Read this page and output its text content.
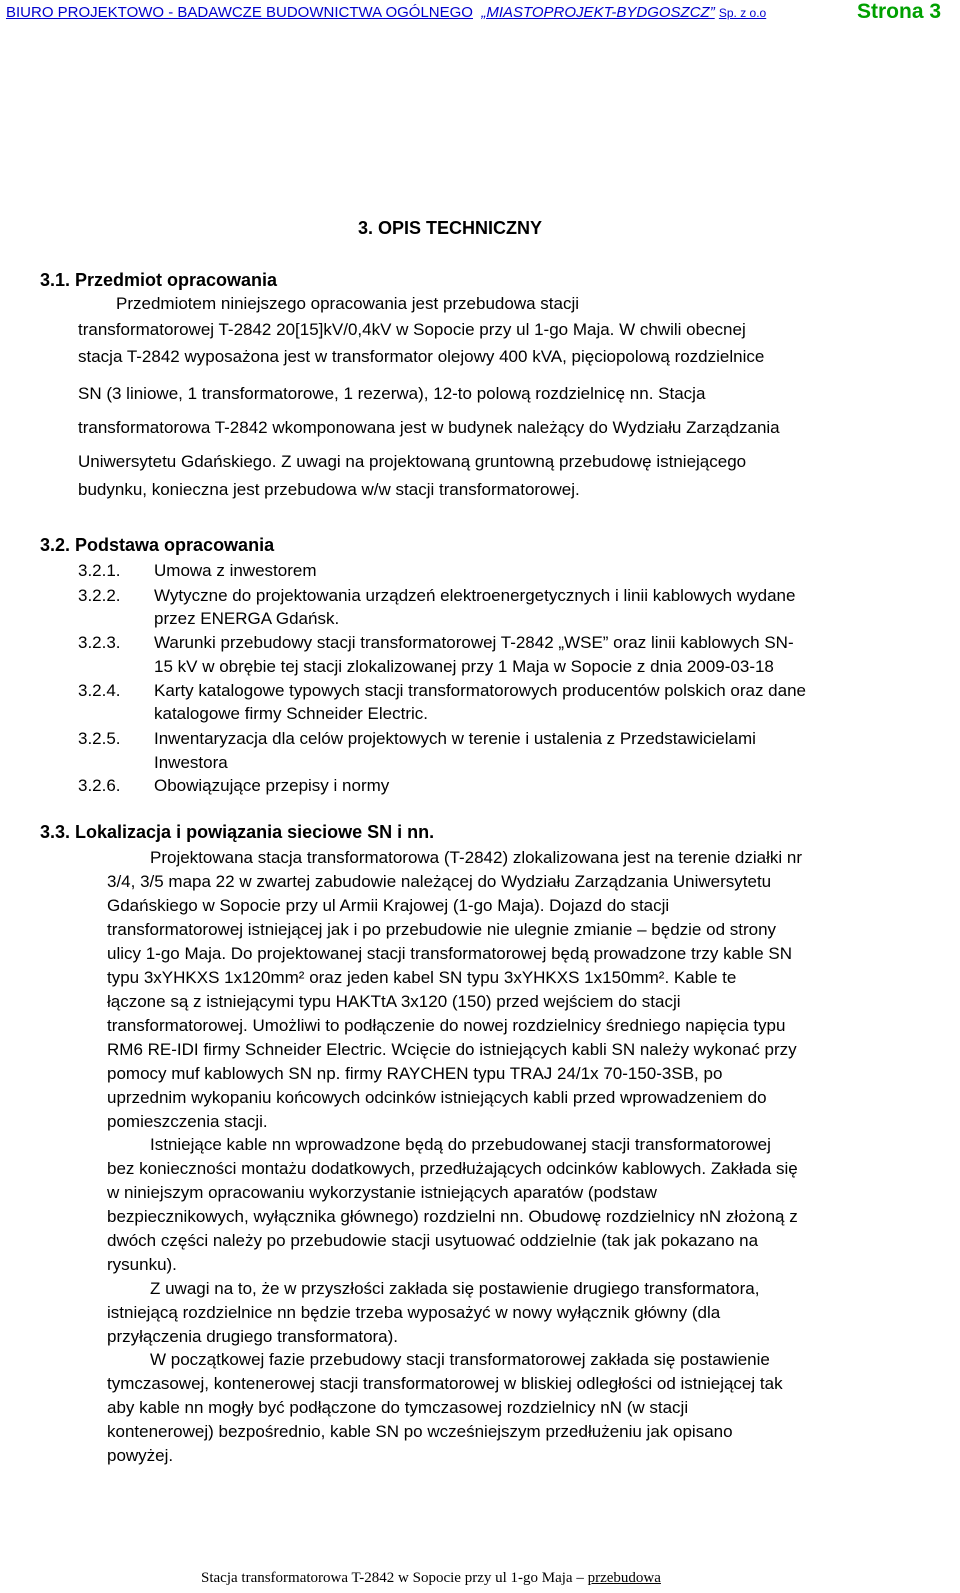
BIURO PROJEKTOWO - BADAWCZE BUDOWNICTWA OGÓLNEGO „MIASTOPROJEKT-BYDGOSZCZ” Sp. z o.o	Strona 3
3. OPIS TECHNICZNY
3.1. Przedmiot opracowania
Przedmiotem niniejszego opracowania jest przebudowa stacji
transformatorowej T-2842 20[15]kV/0,4kV w Sopocie przy ul 1-go Maja. W chwili obecnej
stacja T-2842 wyposażona jest w transformator olejowy 400 kVA, pięciopolową rozdzielnice
SN (3 liniowe, 1 transformatorowe, 1 rezerwa), 12-to polową rozdzielnicę nn. Stacja
transformatorowa T-2842 wkomponowana jest w budynek należący do Wydziału Zarządzania
Uniwersytetu Gdańskiego. Z uwagi na projektowaną gruntowną przebudowę istniejącego
budynku, konieczna jest przebudowa w/w stacji transformatorowej.
3.2. Podstawa opracowania
3.2.1. Umowa z inwestorem
3.2.2. Wytyczne do projektowania urządzeń elektroenergetycznych i linii kablowych wydane
przez ENERGA Gdańsk.
3.2.3. Warunki przebudowy stacji transformatorowej T-2842 „WSE” oraz linii kablowych SN-
15 kV w obrębie tej stacji zlokalizowanej przy 1 Maja w Sopocie z dnia 2009-03-18
3.2.4. Karty katalogowe typowych stacji transformatorowych producentów polskich oraz dane
katalogowe firmy Schneider Electric.
3.2.5. Inwentaryzacja dla celów projektowych w terenie i ustalenia z Przedstawicielami
Inwestora
3.2.6. Obowiązujące przepisy i normy
3.3. Lokalizacja i powiązania sieciowe SN i nn.
Projektowana stacja transformatorowa (T-2842) zlokalizowana jest na terenie działki nr
3/4, 3/5 mapa 22 w zwartej zabudowie należącej do Wydziału Zarządzania Uniwersytetu
Gdańskiego w Sopocie przy ul Armii Krajowej (1-go Maja). Dojazd do stacji
transformatorowej istniejącej jak i po przebudowie nie ulegnie zmianie – będzie od strony
ulicy 1-go Maja. Do projektowanej stacji transformatorowej będą prowadzone trzy kable SN
typu 3xYHKXS 1x120mm² oraz jeden kabel SN typu 3xYHKXS 1x150mm². Kable te
łączone są z istniejącymi typu HAKTtA 3x120 (150) przed wejściem do stacji
transformatorowej. Umożliwi to podłączenie do nowej rozdzielnicy średniego napięcia typu
RM6 RE-IDI firmy Schneider Electric. Wcięcie do istniejących kabli SN należy wykonać przy
pomocy muf kablowych SN np. firmy RAYCHEN typu TRAJ 24/1x 70-150-3SB, po
uprzednim wykopaniu końcowych odcinków istniejących kabli przed wprowadzeniem do
pomieszczenia stacji.
Istniejące kable nn wprowadzone będą do przebudowanej stacji transformatorowej
bez konieczności montażu dodatkowych, przedłużających odcinków kablowych. Zakłada się
w niniejszym opracowaniu wykorzystanie istniejących aparatów (podstaw
bezpiecznikowych, wyłącznika głównego) rozdzielni nn. Obudowę rozdzielnicy nN złożoną z
dwóch części należy po przebudowie stacji usytuować oddzielnie (tak jak pokazano na
rysunku).
Z uwagi na to, że w przyszłości zakłada się postawienie drugiego transformatora,
istniejącą rozdzielnice nn będzie trzeba wyposażyć w nowy wyłącznik główny (dla
przyłączenia drugiego transformatora).
W początkowej fazie przebudowy stacji transformatorowej zakłada się postawienie
tymczasowej, kontenerowej stacji transformatorowej w bliskiej odległości od istniejącej tak
aby kable nn mogły być podłączone do tymczasowej rozdzielnicy nN (w stacji
kontenerowej) bezpośrednio, kable SN po wcześniejszym przedłużeniu jak opisano
powyżej.
Stacja transformatorowa T-2842 w Sopocie przy ul 1-go Maja – przebudowa
